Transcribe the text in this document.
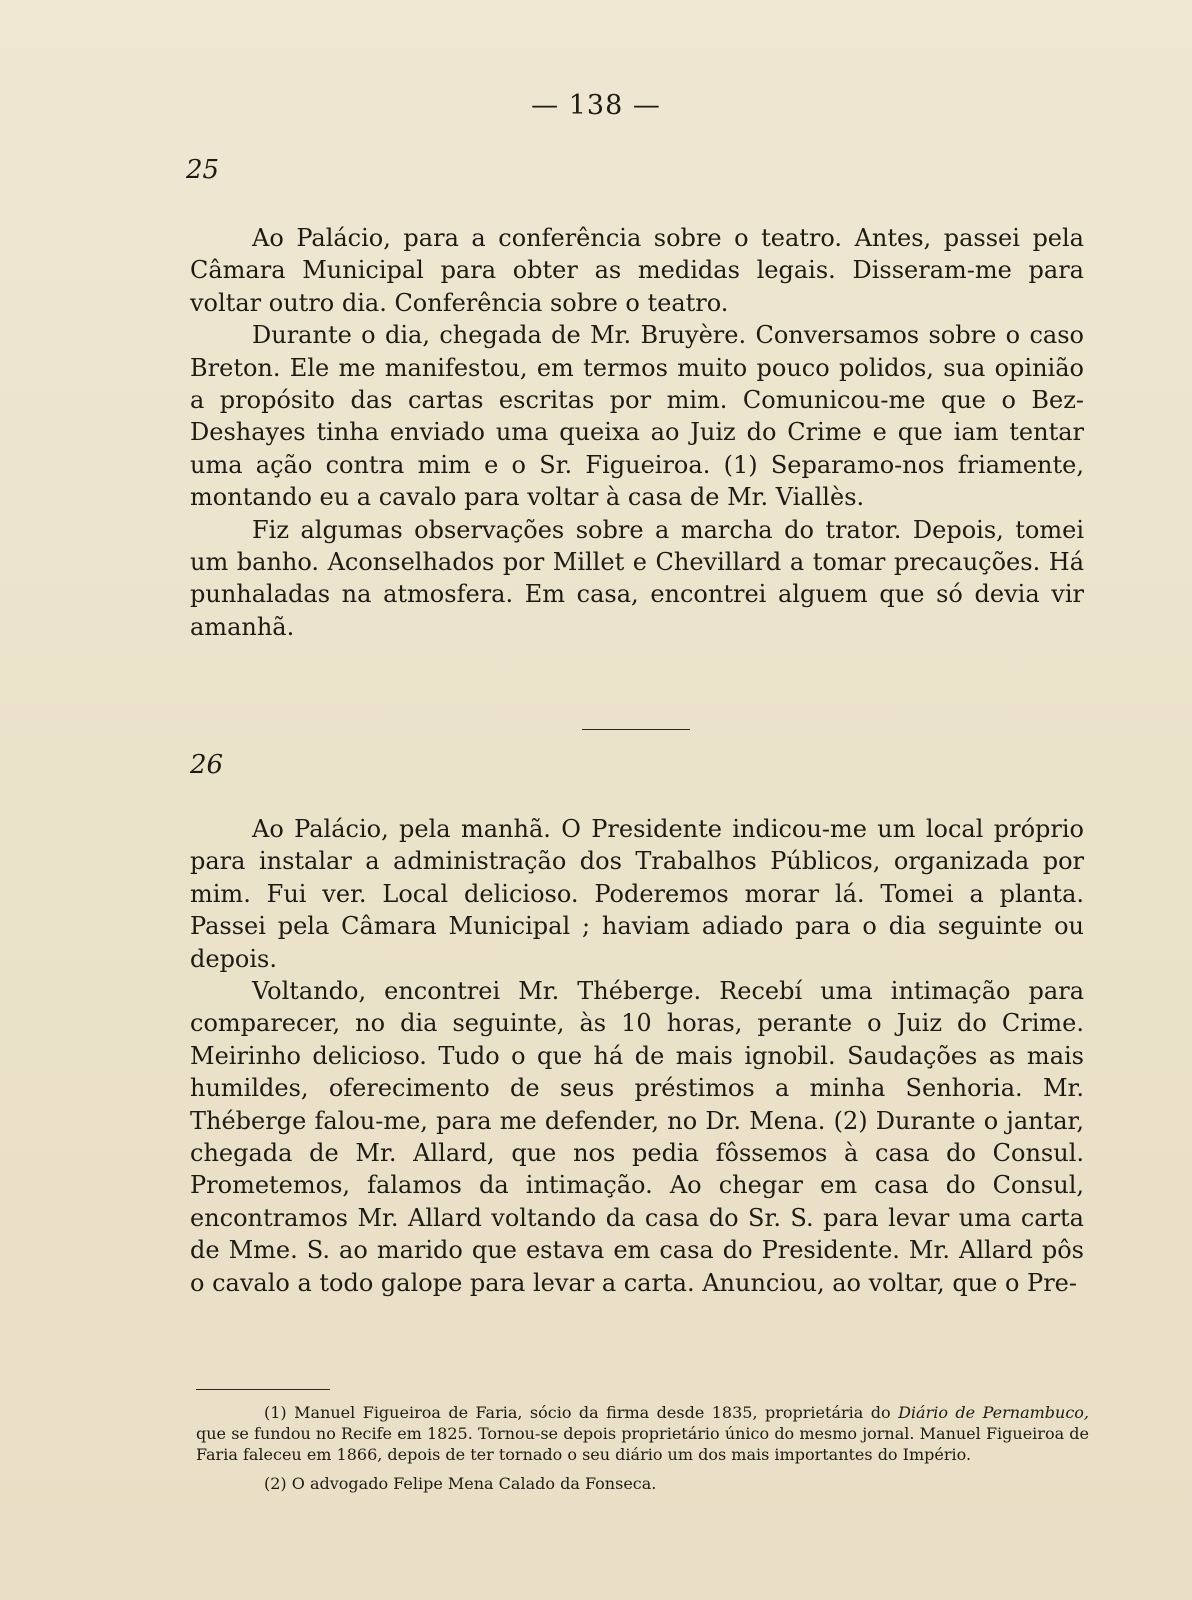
— 138 —
25

Ao Palácio, para a conferência sobre o teatro. Antes, passei pela Câmara Municipal para obter as medidas legais. Disseram-me para voltar outro dia. Conferência sobre o teatro.

Durante o dia, chegada de Mr. Bruyère. Conversamos sobre o caso Breton. Ele me manifestou, em termos muito pouco polidos, sua opinião a propósito das cartas escritas por mim. Comunicou-me que o Bez-Deshayes tinha enviado uma queixa ao Juiz do Crime e que iam tentar uma ação contra mim e o Sr. Figueiroa. (1) Separamo-nos friamente, montando eu a cavalo para voltar à casa de Mr. Viallès.

Fiz algumas observações sobre a marcha do trator. Depois, tomei um banho. Aconselhados por Millet e Chevillard a tomar precauções. Há punhaladas na atmosfera. Em casa, encontrei alguem que só devia vir amanhã.

26

Ao Palácio, pela manhã. O Presidente indicou-me um local próprio para instalar a administração dos Trabalhos Públicos, organizada por mim. Fui ver. Local delicioso. Poderemos morar lá. Tomei a planta. Passei pela Câmara Municipal ; haviam adiado para o dia seguinte ou depois.

Voltando, encontrei Mr. Théberge. Recebí uma intimação para comparecer, no dia seguinte, às 10 horas, perante o Juiz do Crime. Meirinho delicioso. Tudo o que há de mais ignobil. Saudações as mais humildes, oferecimento de seus préstimos a minha Senhoria. Mr. Théberge falou-me, para me defender, no Dr. Mena. (2) Durante o jantar, chegada de Mr. Allard, que nos pedia fôssemos à casa do Consul. Prometemos, falamos da intimação. Ao chegar em casa do Consul, encontramos Mr. Allard voltando da casa do Sr. S. para levar uma carta de Mme. S. ao marido que estava em casa do Presidente. Mr. Allard pôs o cavalo a todo galope para levar a carta. Anunciou, ao voltar, que o Pre-

(1) Manuel Figueiroa de Faria, sócio da firma desde 1835, proprietária do Diário de Pernambuco, que se fundou no Recife em 1825. Tornou-se depois proprietário único do mesmo jornal. Manuel Figueiroa de Faria faleceu em 1866, depois de ter tornado o seu diário um dos mais importantes do Império.

(2) O advogado Felipe Mena Calado da Fonseca.
